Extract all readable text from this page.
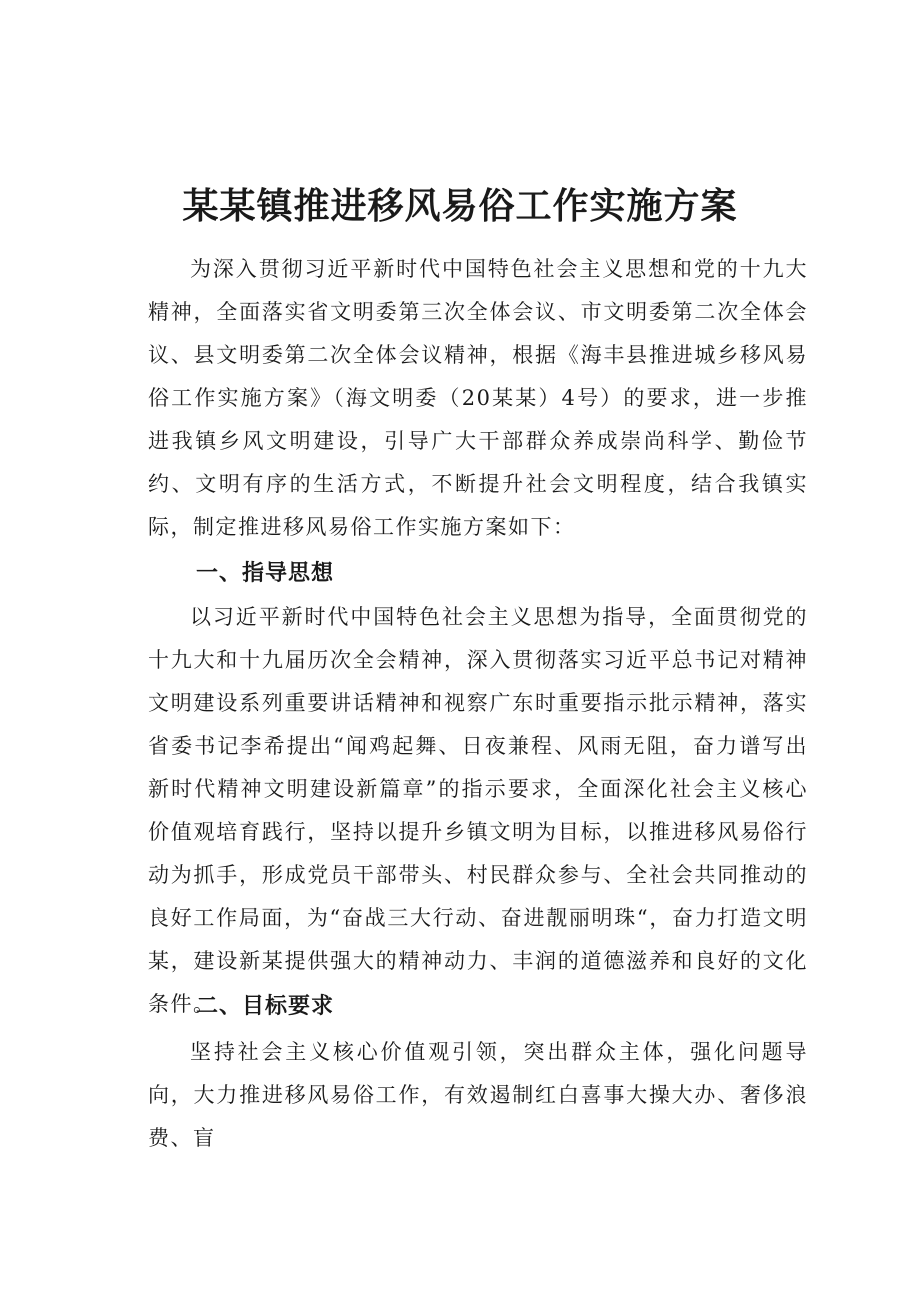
某某镇推进移风易俗工作实施方案

为深入贯彻习近平新时代中国特色社会主义思想和党的十九大精神，全面落实省文明委第三次全体会议、市文明委第二次全体会议、县文明委第二次全体会议精神，根据《海丰县推进城乡移风易俗工作实施方案》（海文明委（20某某）4号）的要求，进一步推进我镇乡风文明建设，引导广大干部群众养成崇尚科学、勤俭节约、文明有序的生活方式，不断提升社会文明程度，结合我镇实际，制定推进移风易俗工作实施方案如下：

一、指导思想

以习近平新时代中国特色社会主义思想为指导，全面贯彻党的十九大和十九届历次全会精神，深入贯彻落实习近平总书记对精神文明建设系列重要讲话精神和视察广东时重要指示批示精神，落实省委书记李希提出“闻鸡起舞、日夜兼程、风雨无阻，奋力谱写出新时代精神文明建设新篇章”的指示要求，全面深化社会主义核心价值观培育践行，坚持以提升乡镇文明为目标，以推进移风易俗行动为抓手，形成党员干部带头、村民群众参与、全社会共同推动的良好工作局面，为“奋战三大行动、奋进靓丽明珠“，奋力打造文明某，建设新某提供强大的精神动力、丰润的道德滋养和良好的文化条件。

二、目标要求

坚持社会主义核心价值观引领，突出群众主体，强化问题导向，大力推进移风易俗工作，有效遏制红白喜事大操大办、奢侈浪费、盲
